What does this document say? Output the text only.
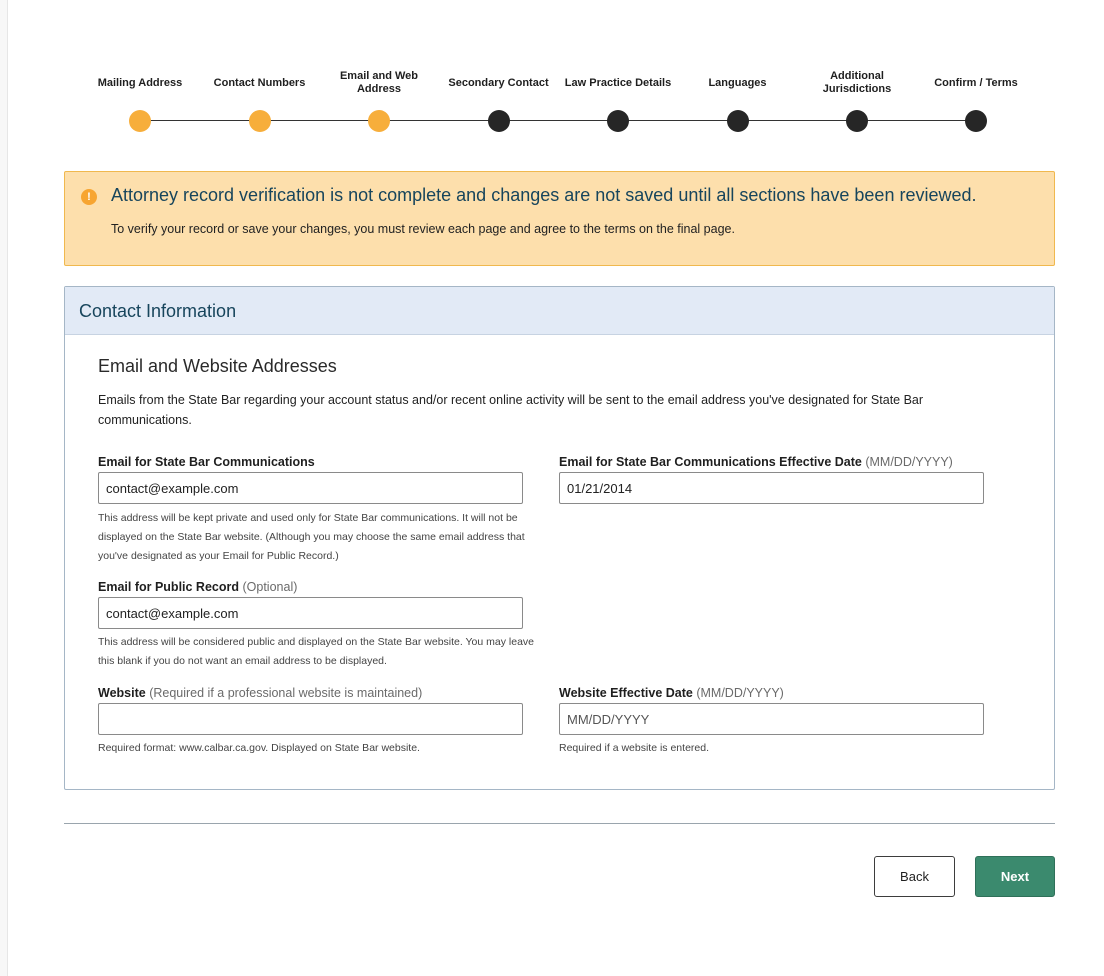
Mailing Address	Contact Numbers
Email and Web Address
Secondary Contact	Law Practice Details	Languages
Additional Jurisdictions
Confirm / Terms
!	Attorney record verification is not complete and changes are not saved until all sections have been reviewed.
To verify your record or save your changes, you must review each page and agree to the terms on the final page.
Contact Information
Email and Website Addresses

Emails from the State Bar regarding your account status and/or recent online activity will be sent to the email address you've designated for State Bar communications.

Email for State Bar Communications
contact@example.com
This address will be kept private and used only for State Bar communications. It will not be displayed on the State Bar website. (Although you may choose the same email address that you've designated as your Email for Public Record.)
Email for State Bar Communications Effective Date (MM/DD/YYYY)
01/21/2014
Email for Public Record (Optional)
contact@example.com
This address will be considered public and displayed on the State Bar website. You may leave this blank if you do not want an email address to be displayed.
Website (Required if a professional website is maintained)
Required format: www.calbar.ca.gov. Displayed on State Bar website.
Website Effective Date (MM/DD/YYYY)
MM/DD/YYYY
Required if a website is entered.
Back	Next
